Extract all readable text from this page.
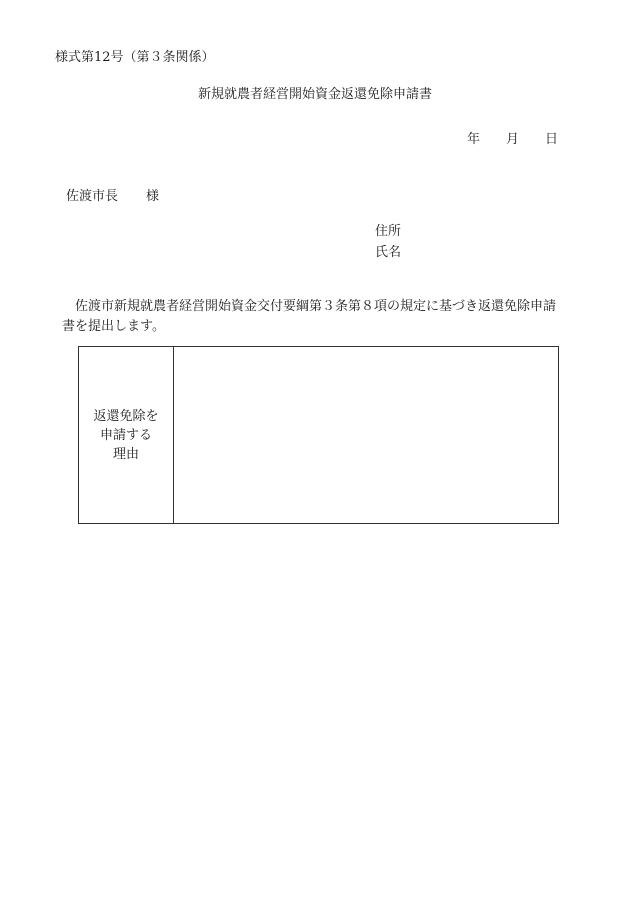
様式第12号（第３条関係）
新規就農者経営開始資金返還免除申請書
年 月 日
佐渡市長 様
住所
氏名
佐渡市新規就農者経営開始資金交付要綱第３条第８項の規定に基づき返還免除申請書を提出します。
返還免除を
申請する
理由
